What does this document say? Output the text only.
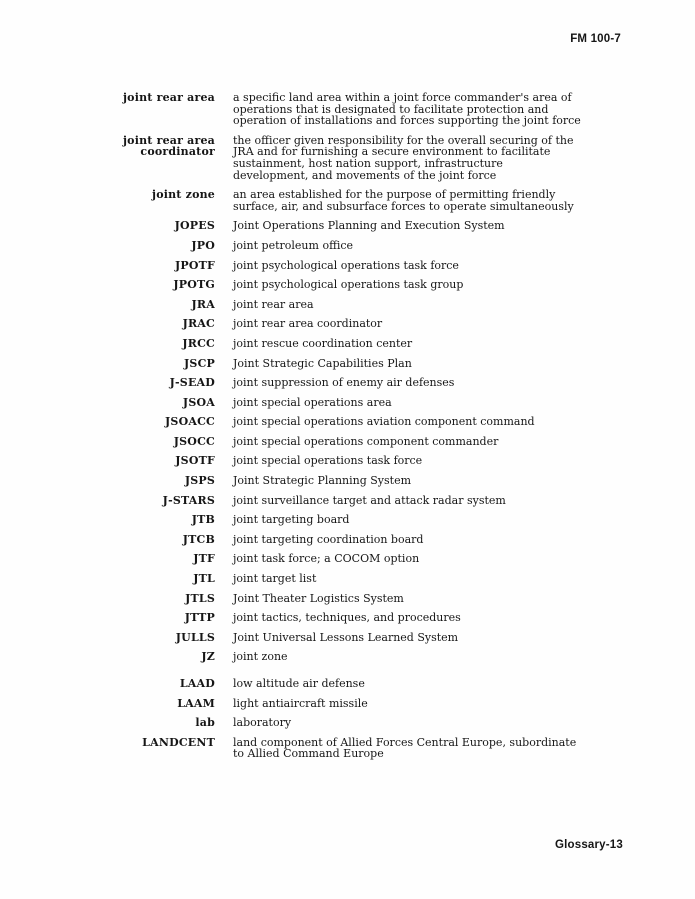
FM 100-7
joint rear area a specific land area within a joint force commander's area of operations that is designated to facilitate protection and operation of installations and forces supporting the joint force
joint rear area coordinator
the officer given responsibility for the overall securing of the JRA and for furnishing a secure environment to facilitate sustainment, host nation support, infrastructure development, and movements of the joint force
joint zone an area established for the purpose of permitting friendly surface, air, and subsurface forces to operate simultaneously
JOPES Joint Operations Planning and Execution System
JPO joint petroleum office
JPOTF joint psychological operations task force
JPOTG joint psychological operations task group
JRA joint rear area
JRAC joint rear area coordinator
JRCC joint rescue coordination center
JSCP Joint Strategic Capabilities Plan
J-SEAD joint suppression of enemy air defenses
JSOA joint special operations area
JSOACC joint special operations aviation component command
JSOCC joint special operations component commander
JSOTF joint special operations task force
JSPS Joint Strategic Planning System
J-STARS joint surveillance target and attack radar system
JTB joint targeting board
JTCB joint targeting coordination board
JTF joint task force; a COCOM option
JTL joint target list
JTLS Joint Theater Logistics System
JTTP joint tactics, techniques, and procedures
JULLS Joint Universal Lessons Learned System
JZ joint zone
LAAD low altitude air defense
LAAM light antiaircraft missile
lab laboratory
LANDCENT land component of Allied Forces Central Europe, subordinate to Allied Command Europe
Glossary-13
